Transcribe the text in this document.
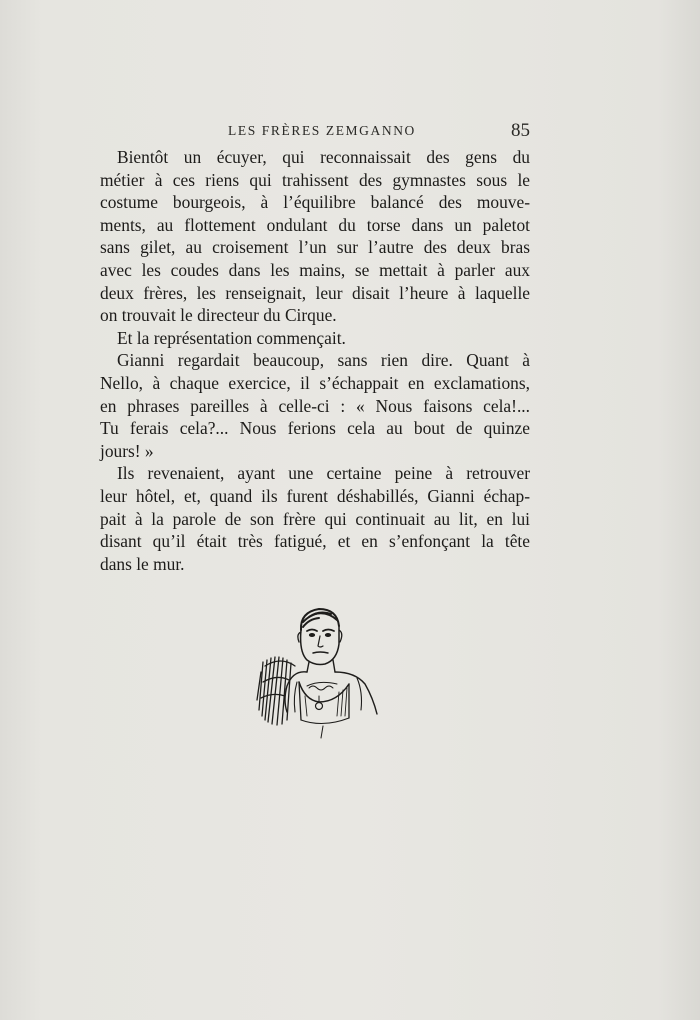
LES FRÈRES ZEMGANNO	85
Bientôt un écuyer, qui reconnaissait des gens du
métier à ces riens qui trahissent des gymnastes sous le
costume bourgeois, à l’équilibre balancé des mouve-
ments, au flottement ondulant du torse dans un paletot
sans gilet, au croisement l’un sur l’autre des deux bras
avec les coudes dans les mains, se mettait à parler aux
deux frères, les renseignait, leur disait l’heure à laquelle
on trouvait le directeur du Cirque.
Et la représentation commençait.
Gianni regardait beaucoup, sans rien dire. Quant à
Nello, à chaque exercice, il s’échappait en exclamations,
en phrases pareilles à celle-ci : « Nous faisons cela!...
Tu ferais cela?... Nous ferions cela au bout de quinze
jours! »
Ils revenaient, ayant une certaine peine à retrouver
leur hôtel, et, quand ils furent déshabillés, Gianni échap-
pait à la parole de son frère qui continuait au lit, en lui
disant qu’il était très fatigué, et en s’enfonçant la tête
dans le mur.
